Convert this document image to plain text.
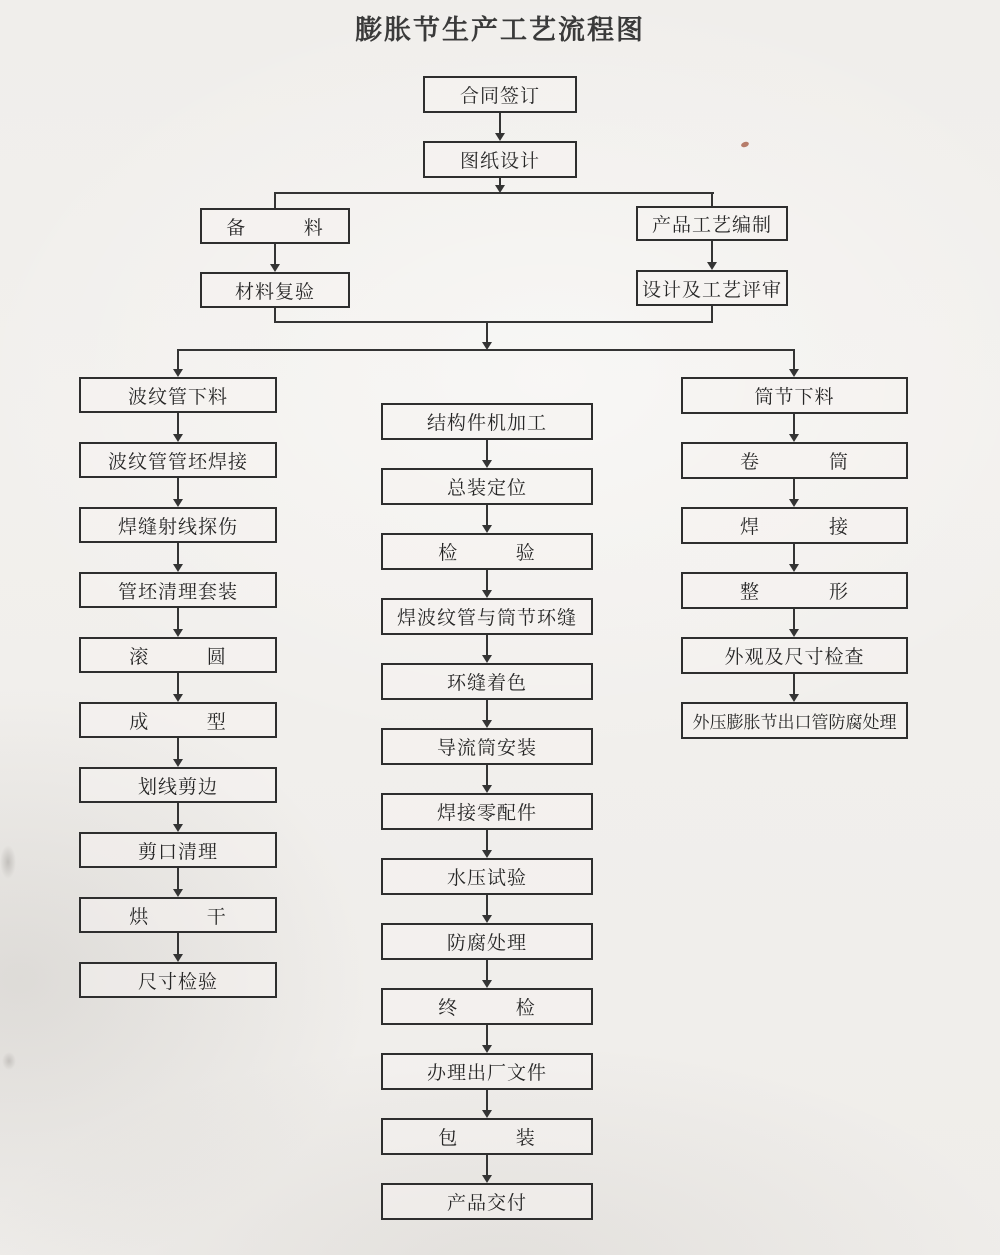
膨胀节生产工艺流程图
合同签订
图纸设计
备          料
材料复验
产品工艺编制
设计及工艺评审
波纹管下料
波纹管管坯焊接
焊缝射线探伤
管坯清理套装
滚          圆
成          型
划线剪边
剪口清理
烘          干
尺寸检验
结构件机加工
总装定位
检          验
焊波纹管与筒节环缝
环缝着色
导流筒安装
焊接零配件
水压试验
防腐处理
终          检
办理出厂文件
包          装
产品交付
筒节下料
卷            筒
焊            接
整            形
外观及尺寸检查
外压膨胀节出口管防腐处理
